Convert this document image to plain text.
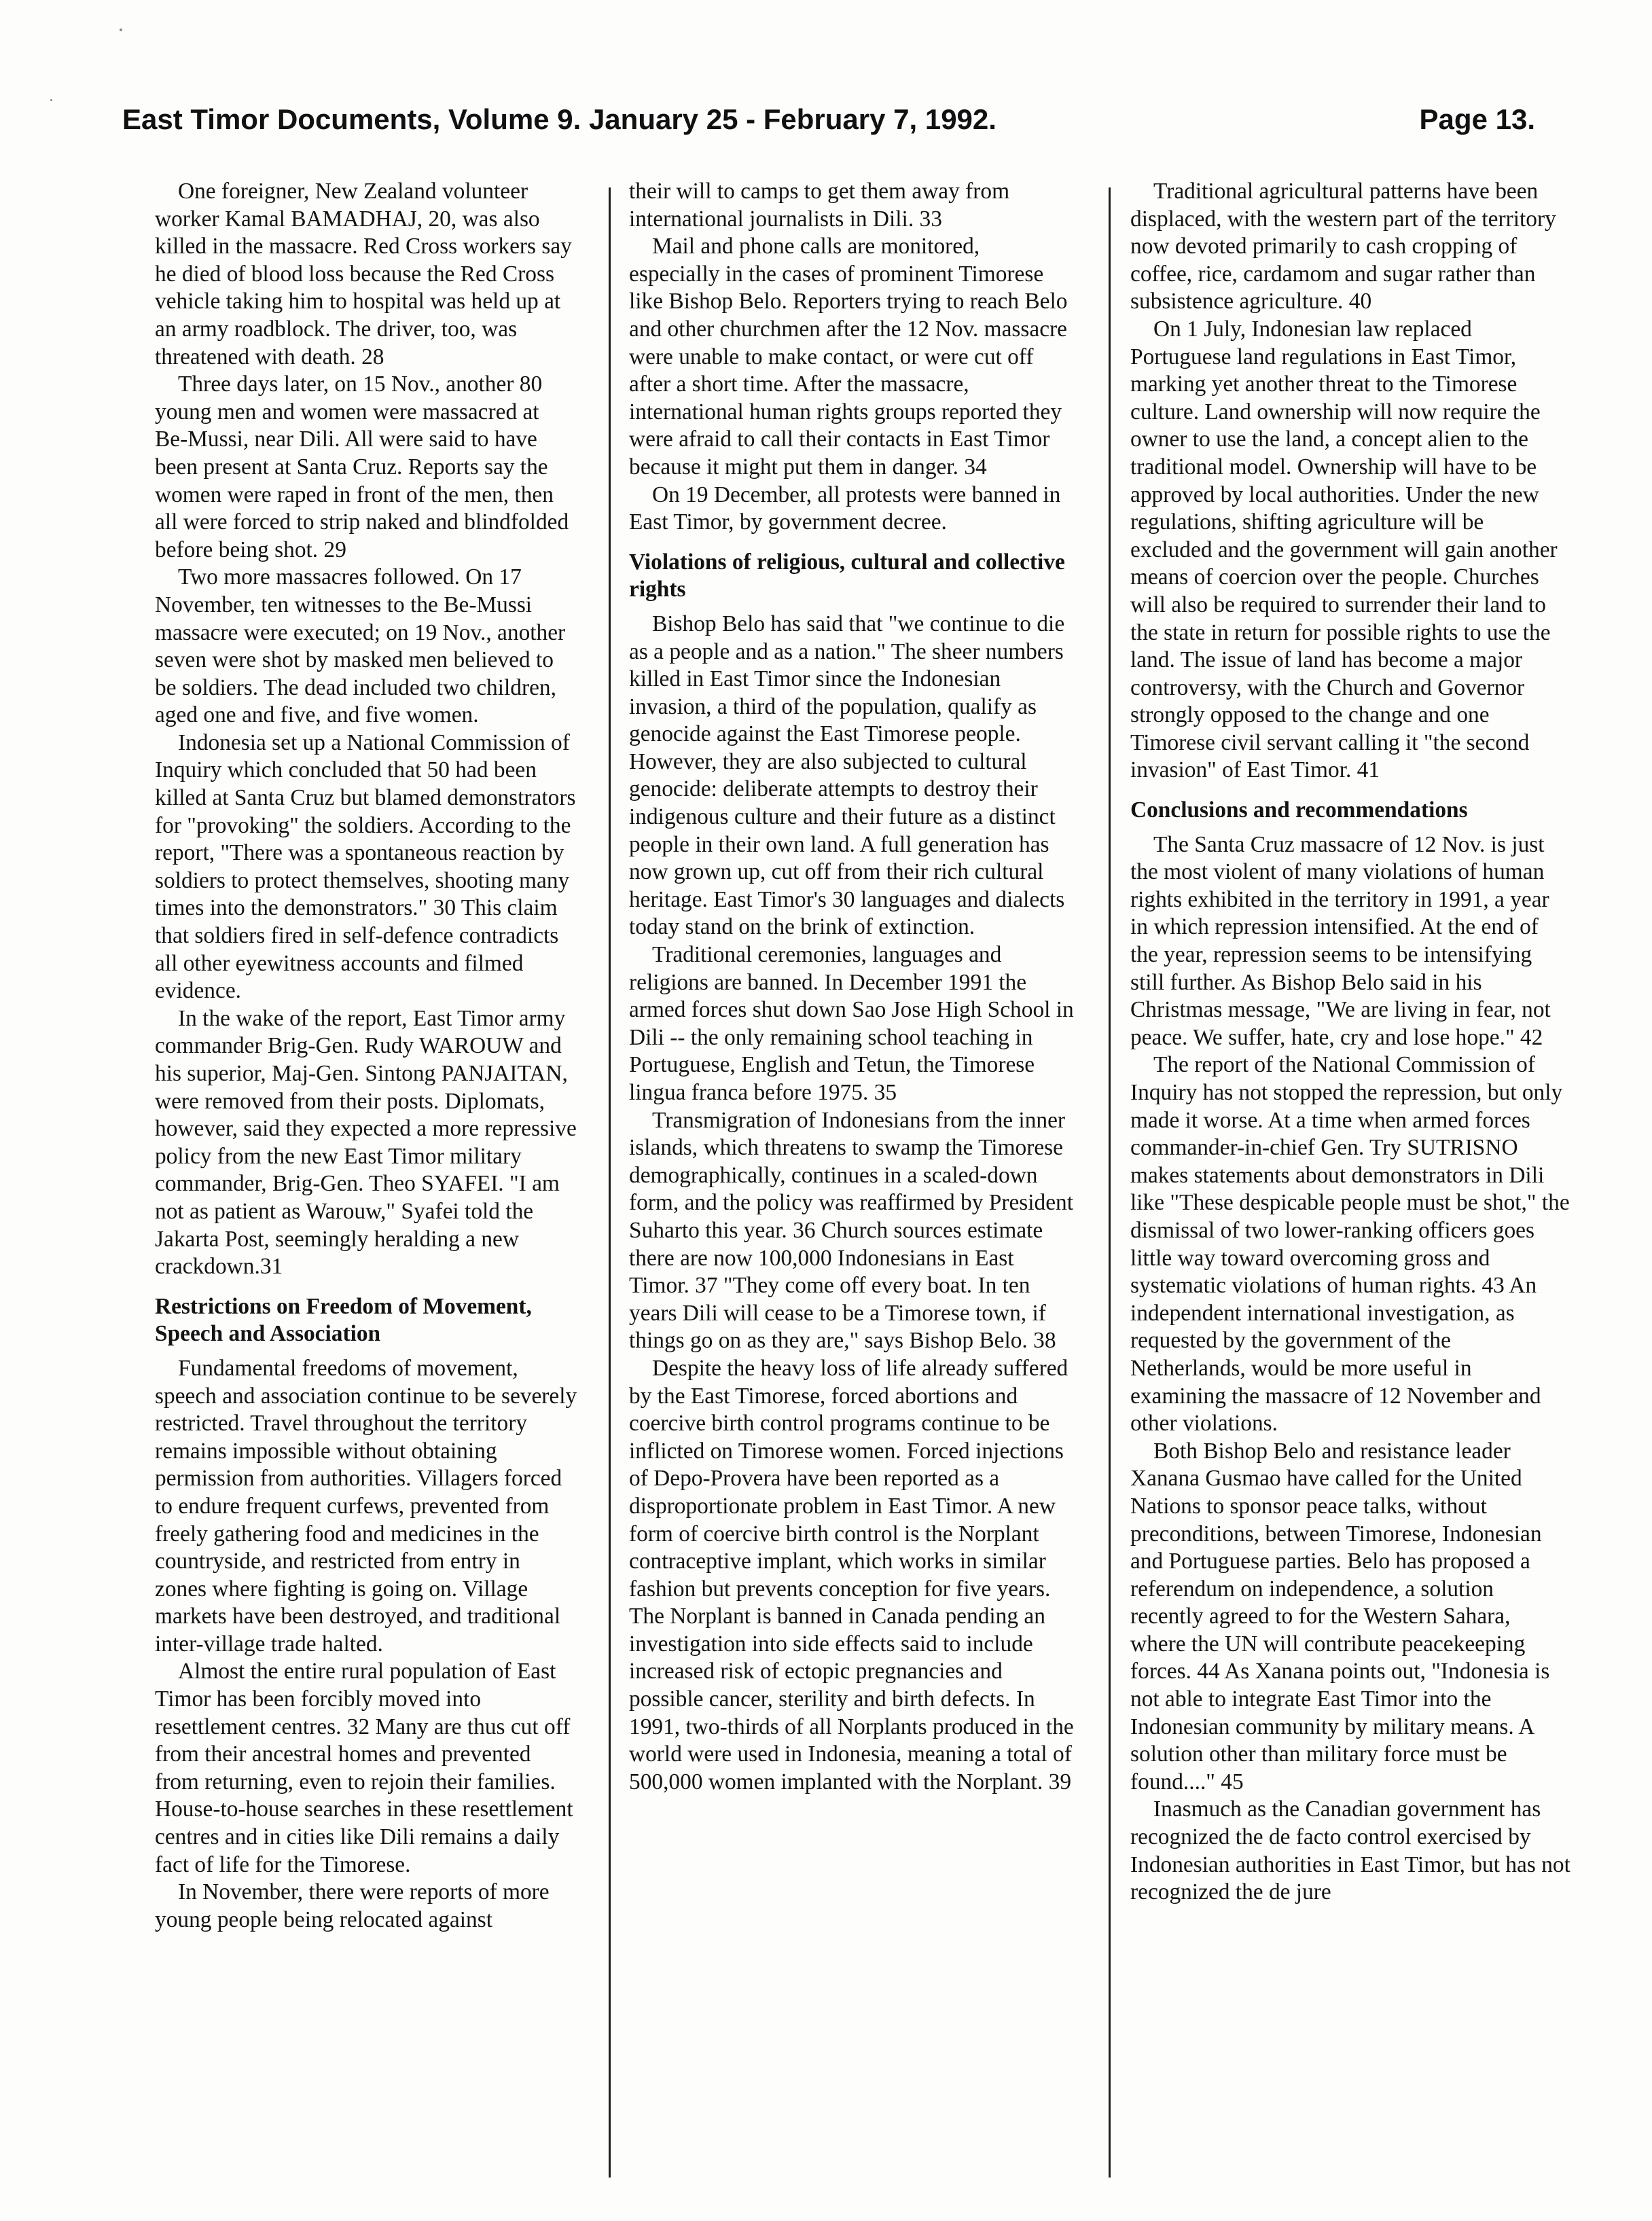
East Timor Documents, Volume 9. January 25 - February 7, 1992.	Page 13.

One foreigner, New Zealand volunteer worker Kamal BAMADHAJ, 20, was also killed in the massacre. Red Cross workers say he died of blood loss because the Red Cross vehicle taking him to hospital was held up at an army roadblock. The driver, too, was threatened with death. 28

Three days later, on 15 Nov., another 80 young men and women were massacred at Be-Mussi, near Dili. All were said to have been present at Santa Cruz. Reports say the women were raped in front of the men, then all were forced to strip naked and blindfolded before being shot. 29

Two more massacres followed. On 17 November, ten witnesses to the Be-Mussi massacre were executed; on 19 Nov., another seven were shot by masked men believed to be soldiers. The dead included two children, aged one and five, and five women.

Indonesia set up a National Commission of Inquiry which concluded that 50 had been killed at Santa Cruz but blamed demonstrators for "provoking" the soldiers. According to the report, "There was a spontaneous reaction by soldiers to protect themselves, shooting many times into the demonstrators." 30 This claim that soldiers fired in self-defence contradicts all other eyewitness accounts and filmed evidence.

In the wake of the report, East Timor army commander Brig-Gen. Rudy WAROUW and his superior, Maj-Gen. Sintong PANJAITAN, were removed from their posts. Diplomats, however, said they expected a more repressive policy from the new East Timor military commander, Brig-Gen. Theo SYAFEI. "I am not as patient as Warouw," Syafei told the Jakarta Post, seemingly heralding a new crackdown.31

Restrictions on Freedom of Movement, Speech and Association

Fundamental freedoms of movement, speech and association continue to be severely restricted. Travel throughout the territory remains impossible without obtaining permission from authorities. Villagers forced to endure frequent curfews, prevented from freely gathering food and medicines in the countryside, and restricted from entry in zones where fighting is going on. Village markets have been destroyed, and traditional inter-village trade halted.

Almost the entire rural population of East Timor has been forcibly moved into resettlement centres. 32 Many are thus cut off from their ancestral homes and prevented from returning, even to rejoin their families. House-to-house searches in these resettlement centres and in cities like Dili remains a daily fact of life for the Timorese.

In November, there were reports of more young people being relocated against

their will to camps to get them away from international journalists in Dili. 33

Mail and phone calls are monitored, especially in the cases of prominent Timorese like Bishop Belo. Reporters trying to reach Belo and other churchmen after the 12 Nov. massacre were unable to make contact, or were cut off after a short time. After the massacre, international human rights groups reported they were afraid to call their contacts in East Timor because it might put them in danger. 34

On 19 December, all protests were banned in East Timor, by government decree.

Violations of religious, cultural and collective rights

Bishop Belo has said that "we continue to die as a people and as a nation." The sheer numbers killed in East Timor since the Indonesian invasion, a third of the population, qualify as genocide against the East Timorese people. However, they are also subjected to cultural genocide: deliberate attempts to destroy their indigenous culture and their future as a distinct people in their own land. A full generation has now grown up, cut off from their rich cultural heritage. East Timor's 30 languages and dialects today stand on the brink of extinction.

Traditional ceremonies, languages and religions are banned. In December 1991 the armed forces shut down Sao Jose High School in Dili -- the only remaining school teaching in Portuguese, English and Tetun, the Timorese lingua franca before 1975. 35

Transmigration of Indonesians from the inner islands, which threatens to swamp the Timorese demographically, continues in a scaled-down form, and the policy was reaffirmed by President Suharto this year. 36 Church sources estimate there are now 100,000 Indonesians in East Timor. 37 "They come off every boat. In ten years Dili will cease to be a Timorese town, if things go on as they are," says Bishop Belo. 38

Despite the heavy loss of life already suffered by the East Timorese, forced abortions and coercive birth control programs continue to be inflicted on Timorese women. Forced injections of Depo-Provera have been reported as a disproportionate problem in East Timor. A new form of coercive birth control is the Norplant contraceptive implant, which works in similar fashion but prevents conception for five years. The Norplant is banned in Canada pending an investigation into side effects said to include increased risk of ectopic pregnancies and possible cancer, sterility and birth defects. In 1991, two-thirds of all Norplants produced in the world were used in Indonesia, meaning a total of 500,000 women implanted with the Norplant. 39

Traditional agricultural patterns have been displaced, with the western part of the territory now devoted primarily to cash cropping of coffee, rice, cardamom and sugar rather than subsistence agriculture. 40

On 1 July, Indonesian law replaced Portuguese land regulations in East Timor, marking yet another threat to the Timorese culture. Land ownership will now require the owner to use the land, a concept alien to the traditional model. Ownership will have to be approved by local authorities. Under the new regulations, shifting agriculture will be excluded and the government will gain another means of coercion over the people. Churches will also be required to surrender their land to the state in return for possible rights to use the land. The issue of land has become a major controversy, with the Church and Governor strongly opposed to the change and one Timorese civil servant calling it "the second invasion" of East Timor. 41

Conclusions and recommendations

The Santa Cruz massacre of 12 Nov. is just the most violent of many violations of human rights exhibited in the territory in 1991, a year in which repression intensified. At the end of the year, repression seems to be intensifying still further. As Bishop Belo said in his Christmas message, "We are living in fear, not peace. We suffer, hate, cry and lose hope." 42

The report of the National Commission of Inquiry has not stopped the repression, but only made it worse. At a time when armed forces commander-in-chief Gen. Try SUTRISNO makes statements about demonstrators in Dili like "These despicable people must be shot," the dismissal of two lower-ranking officers goes little way toward overcoming gross and systematic violations of human rights. 43 An independent international investigation, as requested by the government of the Netherlands, would be more useful in examining the massacre of 12 November and other violations.

Both Bishop Belo and resistance leader Xanana Gusmao have called for the United Nations to sponsor peace talks, without preconditions, between Timorese, Indonesian and Portuguese parties. Belo has proposed a referendum on independence, a solution recently agreed to for the Western Sahara, where the UN will contribute peacekeeping forces. 44 As Xanana points out, "Indonesia is not able to integrate East Timor into the Indonesian community by military means. A solution other than military force must be found...." 45

Inasmuch as the Canadian government has recognized the de facto control exercised by Indonesian authorities in East Timor, but has not recognized the de jure
